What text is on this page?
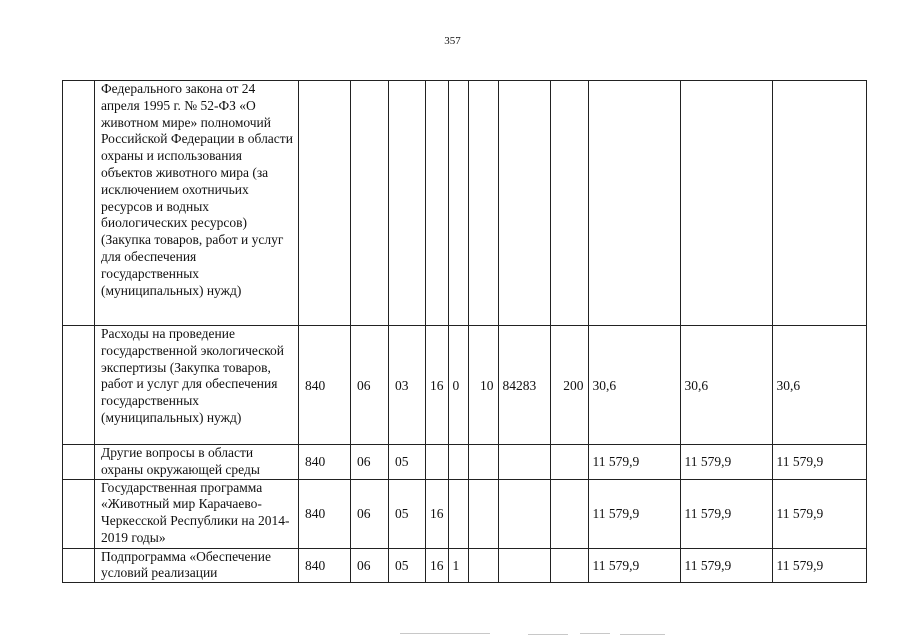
357
	Федерального закона от 24 апреля 1995 г. № 52-ФЗ «О животном мире» полномочий Российской Федерации в области охраны и использования объектов животного мира (за исключением охотничьих ресурсов и водных биологических ресурсов) (Закупка товаров, работ и услуг для обеспечения государственных (муниципальных) нужд)											
	Расходы на проведение государственной экологической экспертизы (Закупка товаров, работ и услуг для обеспечения государственных (муниципальных) нужд)	840	06	03	16	0	10	84283	200	30,6	30,6	30,6
	Другие вопросы в области охраны окружающей среды	840	06	05						11 579,9	11 579,9	11 579,9
	Государственная программа «Животный мир Карачаево-Черкесской Республики на 2014-2019 годы»	840	06	05	16					11 579,9	11 579,9	11 579,9
	Подпрограмма «Обеспечение условий реализации	840	06	05	16	1				11 579,9	11 579,9	11 579,9
